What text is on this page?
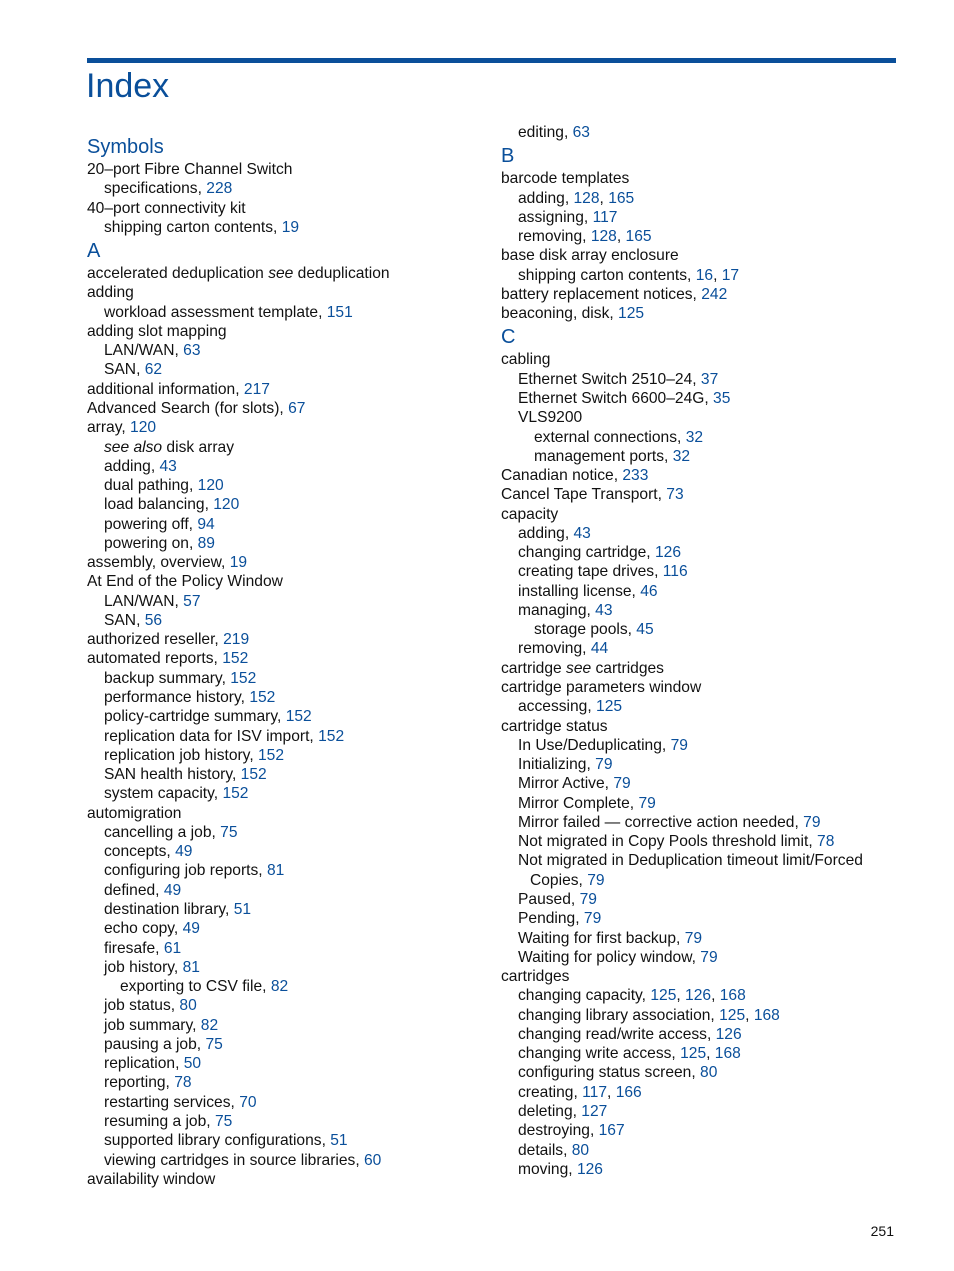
Index
Symbols
20–port Fibre Channel Switch
specifications, 228
40–port connectivity kit
shipping carton contents, 19
A
accelerated deduplication see deduplication
adding
workload assessment template, 151
adding slot mapping
LAN/WAN, 63
SAN, 62
additional information, 217
Advanced Search (for slots), 67
array, 120
see also disk array
adding, 43
dual pathing, 120
load balancing, 120
powering off, 94
powering on, 89
assembly, overview, 19
At End of the Policy Window
LAN/WAN, 57
SAN, 56
authorized reseller, 219
automated reports, 152
backup summary, 152
performance history, 152
policy-cartridge summary, 152
replication data for ISV import, 152
replication job history, 152
SAN health history, 152
system capacity, 152
automigration
cancelling a job, 75
concepts, 49
configuring job reports, 81
defined, 49
destination library, 51
echo copy, 49
firesafe, 61
job history, 81
exporting to CSV file, 82
job status, 80
job summary, 82
pausing a job, 75
replication, 50
reporting, 78
restarting services, 70
resuming a job, 75
supported library configurations, 51
viewing cartridges in source libraries, 60
availability window
editing, 63
B
barcode templates
adding, 128, 165
assigning, 117
removing, 128, 165
base disk array enclosure
shipping carton contents, 16, 17
battery replacement notices, 242
beaconing, disk, 125
C
cabling
Ethernet Switch 2510–24, 37
Ethernet Switch 6600–24G, 35
VLS9200
external connections, 32
management ports, 32
Canadian notice, 233
Cancel Tape Transport, 73
capacity
adding, 43
changing cartridge, 126
creating tape drives, 116
installing license, 46
managing, 43
storage pools, 45
removing, 44
cartridge see cartridges
cartridge parameters window
accessing, 125
cartridge status
In Use/Deduplicating, 79
Initializing, 79
Mirror Active, 79
Mirror Complete, 79
Mirror failed — corrective action needed, 79
Not migrated in Copy Pools threshold limit, 78
Not migrated in Deduplication timeout limit/Forced
Copies, 79
Paused, 79
Pending, 79
Waiting for first backup, 79
Waiting for policy window, 79
cartridges
changing capacity, 125, 126, 168
changing library association, 125, 168
changing read/write access, 126
changing write access, 125, 168
configuring status screen, 80
creating, 117, 166
deleting, 127
destroying, 167
details, 80
moving, 126
251
